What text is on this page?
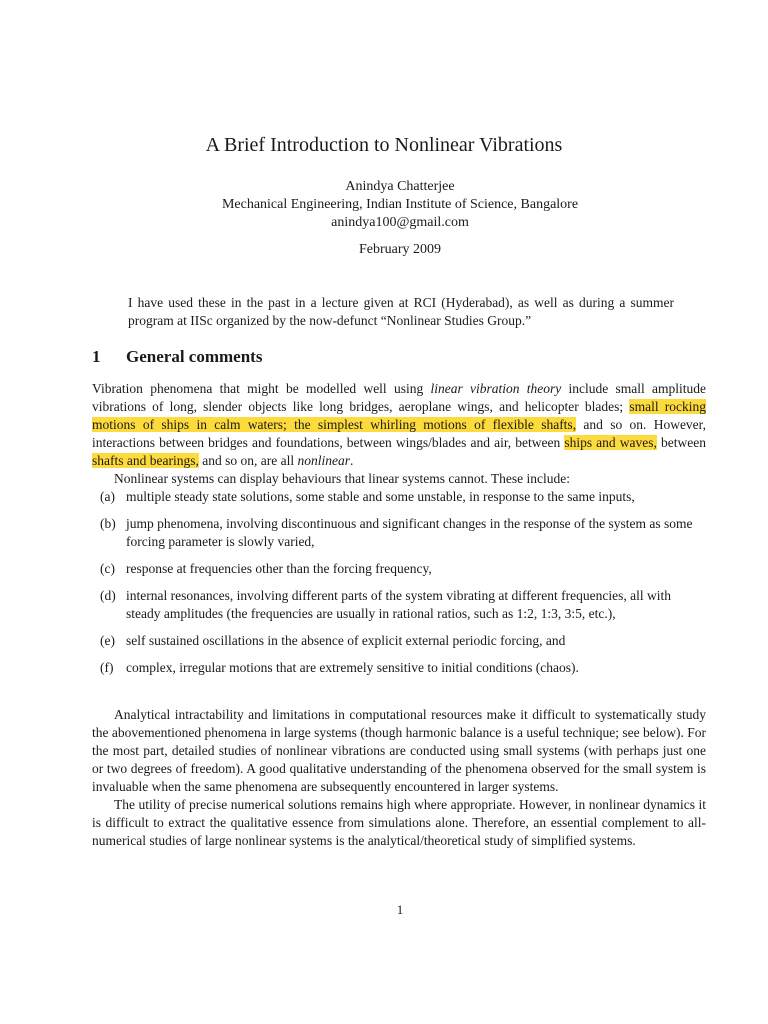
A Brief Introduction to Nonlinear Vibrations
Anindya Chatterjee
Mechanical Engineering, Indian Institute of Science, Bangalore
anindya100@gmail.com
February 2009
I have used these in the past in a lecture given at RCI (Hyderabad), as well as during a summer program at IISc organized by the now-defunct “Nonlinear Studies Group.”
1 General comments
Vibration phenomena that might be modelled well using linear vibration theory include small amplitude vibrations of long, slender objects like long bridges, aeroplane wings, and helicopter blades; small rocking motions of ships in calm waters; the simplest whirling motions of flexible shafts, and so on. However, interactions between bridges and foundations, between wings/blades and air, between ships and waves, between shafts and bearings, and so on, are all nonlinear.
Nonlinear systems can display behaviours that linear systems cannot. These include:
(a) multiple steady state solutions, some stable and some unstable, in response to the same inputs,
(b) jump phenomena, involving discontinuous and significant changes in the response of the system as some forcing parameter is slowly varied,
(c) response at frequencies other than the forcing frequency,
(d) internal resonances, involving different parts of the system vibrating at different frequencies, all with steady amplitudes (the frequencies are usually in rational ratios, such as 1:2, 1:3, 3:5, etc.),
(e) self sustained oscillations in the absence of explicit external periodic forcing, and
(f) complex, irregular motions that are extremely sensitive to initial conditions (chaos).
Analytical intractability and limitations in computational resources make it difficult to systematically study the abovementioned phenomena in large systems (though harmonic balance is a useful technique; see below). For the most part, detailed studies of nonlinear vibrations are conducted using small systems (with perhaps just one or two degrees of freedom). A good qualitative understanding of the phenomena observed for the small system is invaluable when the same phenomena are subsequently encountered in larger systems.
The utility of precise numerical solutions remains high where appropriate. However, in nonlinear dynamics it is difficult to extract the qualitative essence from simulations alone. Therefore, an essential complement to all-numerical studies of large nonlinear systems is the analytical/theoretical study of simplified systems.
1
